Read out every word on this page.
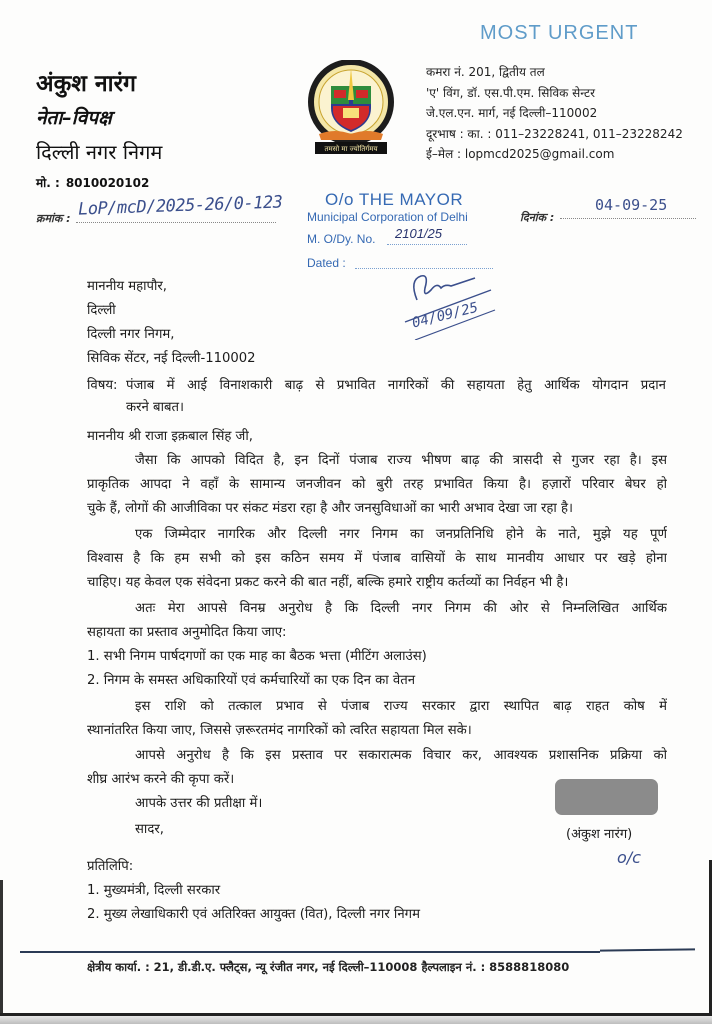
MOST URGENT
अंकुश नारंग
नेता–विपक्ष
दिल्ली नगर निगम
मो. : 8010020102
तमसो मा ज्योतिर्गमय
कमरा नं. 201, द्वितीय तल
'ए' विंग, डॉ. एस.पी.एम. सिविक सेन्टर
जे.एल.एन. मार्ग, नई दिल्ली–110002
दूरभाष : का. : 011–23228241, 011–23228242
ई–मेल : lopmcd2025@gmail.com
क्रमांक : LoP/mcD/2025-26/0-123 O/o THE MAYOR
Municipal Corporation of Delhi
M. O/Dy. No. 2101/25
Dated :
04/09/25
दिनांक :
04-09-25
माननीय महापौर,
दिल्ली
दिल्ली नगर निगम,
सिविक सेंटर, नई दिल्ली-110002
विषय: पंजाब में आई विनाशकारी बाढ़ से प्रभावित नागरिकों की सहायता हेतु आर्थिक योगदान प्रदान
करने बाबत।
माननीय श्री राजा इक़बाल सिंह जी,
जैसा कि आपको विदित है, इन दिनों पंजाब राज्य भीषण बाढ़ की त्रासदी से गुजर रहा है। इस
प्राकृतिक आपदा ने वहाँ के सामान्य जनजीवन को बुरी तरह प्रभावित किया है। हज़ारों परिवार बेघर हो
चुके हैं, लोगों की आजीविका पर संकट मंडरा रहा है और जनसुविधाओं का भारी अभाव देखा जा रहा है।
एक जिम्मेदार नागरिक और दिल्ली नगर निगम का जनप्रतिनिधि होने के नाते, मुझे यह पूर्ण
विश्वास है कि हम सभी को इस कठिन समय में पंजाब वासियों के साथ मानवीय आधार पर खड़े होना
चाहिए। यह केवल एक संवेदना प्रकट करने की बात नहीं, बल्कि हमारे राष्ट्रीय कर्तव्यों का निर्वहन भी है।
अतः मेरा आपसे विनम्र अनुरोध है कि दिल्ली नगर निगम की ओर से निम्नलिखित आर्थिक
सहायता का प्रस्ताव अनुमोदित किया जाए:
1. सभी निगम पार्षदगणों का एक माह का बैठक भत्ता (मीटिंग अलाउंस)
2. निगम के समस्त अधिकारियों एवं कर्मचारियों का एक दिन का वेतन
इस राशि को तत्काल प्रभाव से पंजाब राज्य सरकार द्वारा स्थापित बाढ़ राहत कोष में
स्थानांतरित किया जाए, जिससे ज़रूरतमंद नागरिकों को त्वरित सहायता मिल सके।
आपसे अनुरोध है कि इस प्रस्ताव पर सकारात्मक विचार कर, आवश्यक प्रशासनिक प्रक्रिया को
शीघ्र आरंभ करने की कृपा करें।
आपके उत्तर की प्रतीक्षा में।
सादर,	(अंकुश नारंग)
o/c
प्रतिलिपि:
1. मुख्यमंत्री, दिल्ली सरकार
2. मुख्य लेखाधिकारी एवं अतिरिक्त आयुक्त (वित), दिल्ली नगर निगम
क्षेत्रीय कार्या. : 21, डी.डी.ए. फ्लैट्स, न्यू रंजीत नगर, नई दिल्ली–110008 हैल्पलाइन नं. : 8588818080
